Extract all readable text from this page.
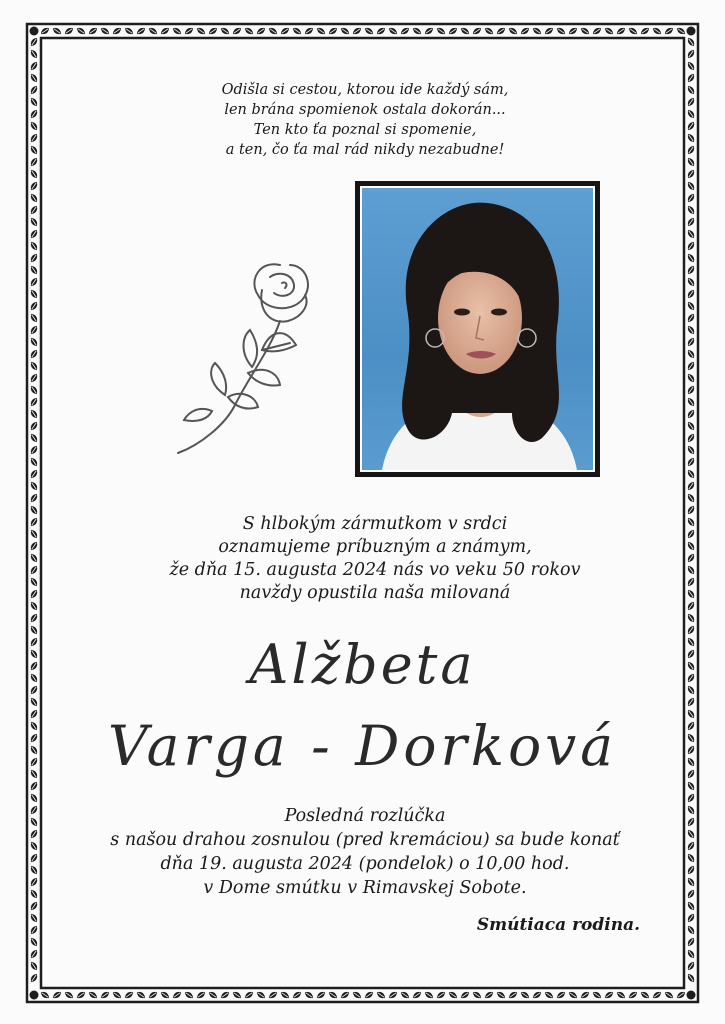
Odišla si cestou, ktorou ide každý sám,
len brána spomienok ostala dokorán...
Ten kto ťa poznal si spomenie,
a ten, čo ťa mal rád nikdy nezabudne!
S hlbokým zármutkom v srdci
oznamujeme príbuzným a známym,
že dňa 15. augusta 2024 nás vo veku 50 rokov
navždy opustila naša milovaná
Alžbeta
Varga - Dorková
Posledná rozlúčka
s našou drahou zosnulou (pred kremáciou) sa bude konať
dňa 19. augusta 2024 (pondelok) o 10,00 hod.
v Dome smútku v Rimavskej Sobote.
Smútiaca rodina.
